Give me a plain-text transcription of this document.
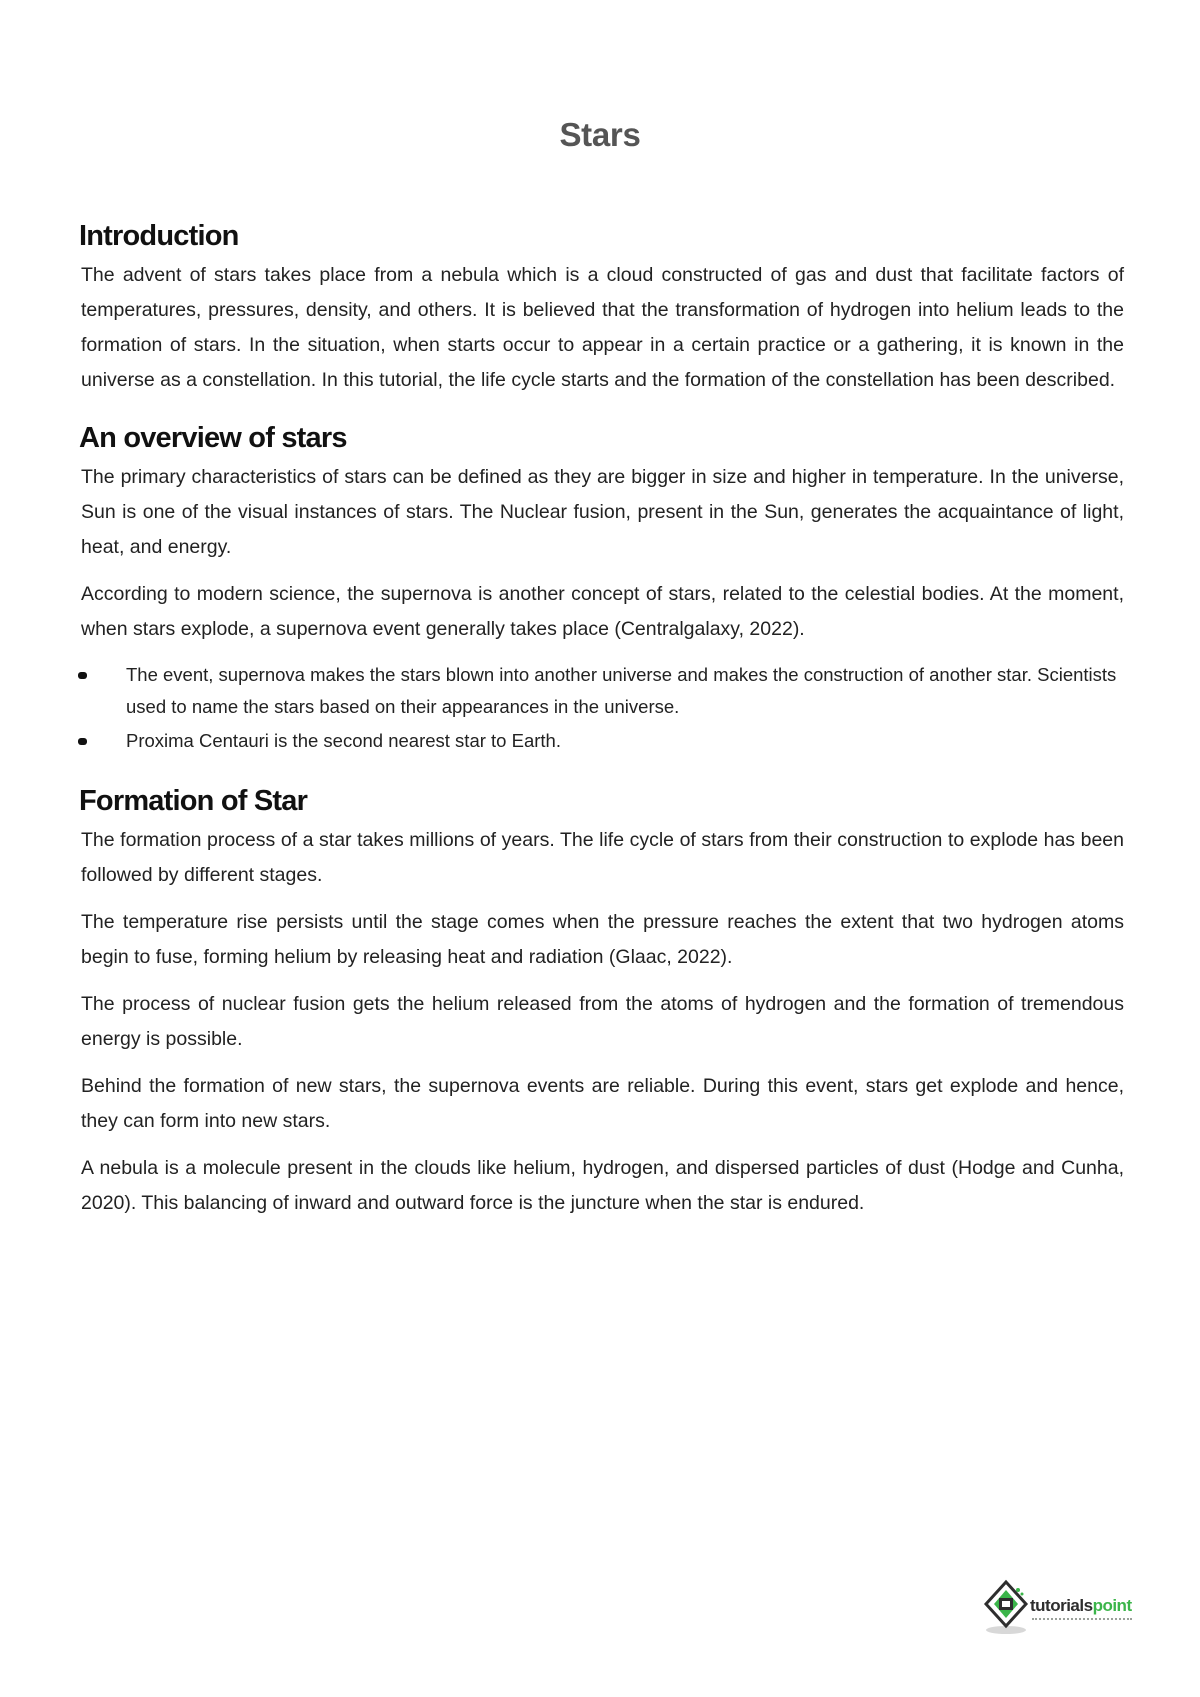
Stars
Introduction

The advent of stars takes place from a nebula which is a cloud constructed of gas and dust that facilitate factors of temperatures, pressures, density, and others. It is believed that the transformation of hydrogen into helium leads to the formation of stars. In the situation, when starts occur to appear in a certain practice or a gathering, it is known in the universe as a constellation. In this tutorial, the life cycle starts and the formation of the constellation has been described.

An overview of stars

The primary characteristics of stars can be defined as they are bigger in size and higher in temperature. In the universe, Sun is one of the visual instances of stars. The Nuclear fusion, present in the Sun, generates the acquaintance of light, heat, and energy.

According to modern science, the supernova is another concept of stars, related to the celestial bodies. At the moment, when stars explode, a supernova event generally takes place (Centralgalaxy, 2022).

The event, supernova makes the stars blown into another universe and makes the construction of another star. Scientists used to name the stars based on their appearances in the universe.
Proxima Centauri is the second nearest star to Earth.
Formation of Star

The formation process of a star takes millions of years. The life cycle of stars from their construction to explode has been followed by different stages.

The temperature rise persists until the stage comes when the pressure reaches the extent that two hydrogen atoms begin to fuse, forming helium by releasing heat and radiation (Glaac, 2022).

The process of nuclear fusion gets the helium released from the atoms of hydrogen and the formation of tremendous energy is possible.

Behind the formation of new stars, the supernova events are reliable. During this event, stars get explode and hence, they can form into new stars.

A nebula is a molecule present in the clouds like helium, hydrogen, and dispersed particles of dust (Hodge and Cunha, 2020). This balancing of inward and outward force is the juncture when the star is endured.

tutorialspoint
